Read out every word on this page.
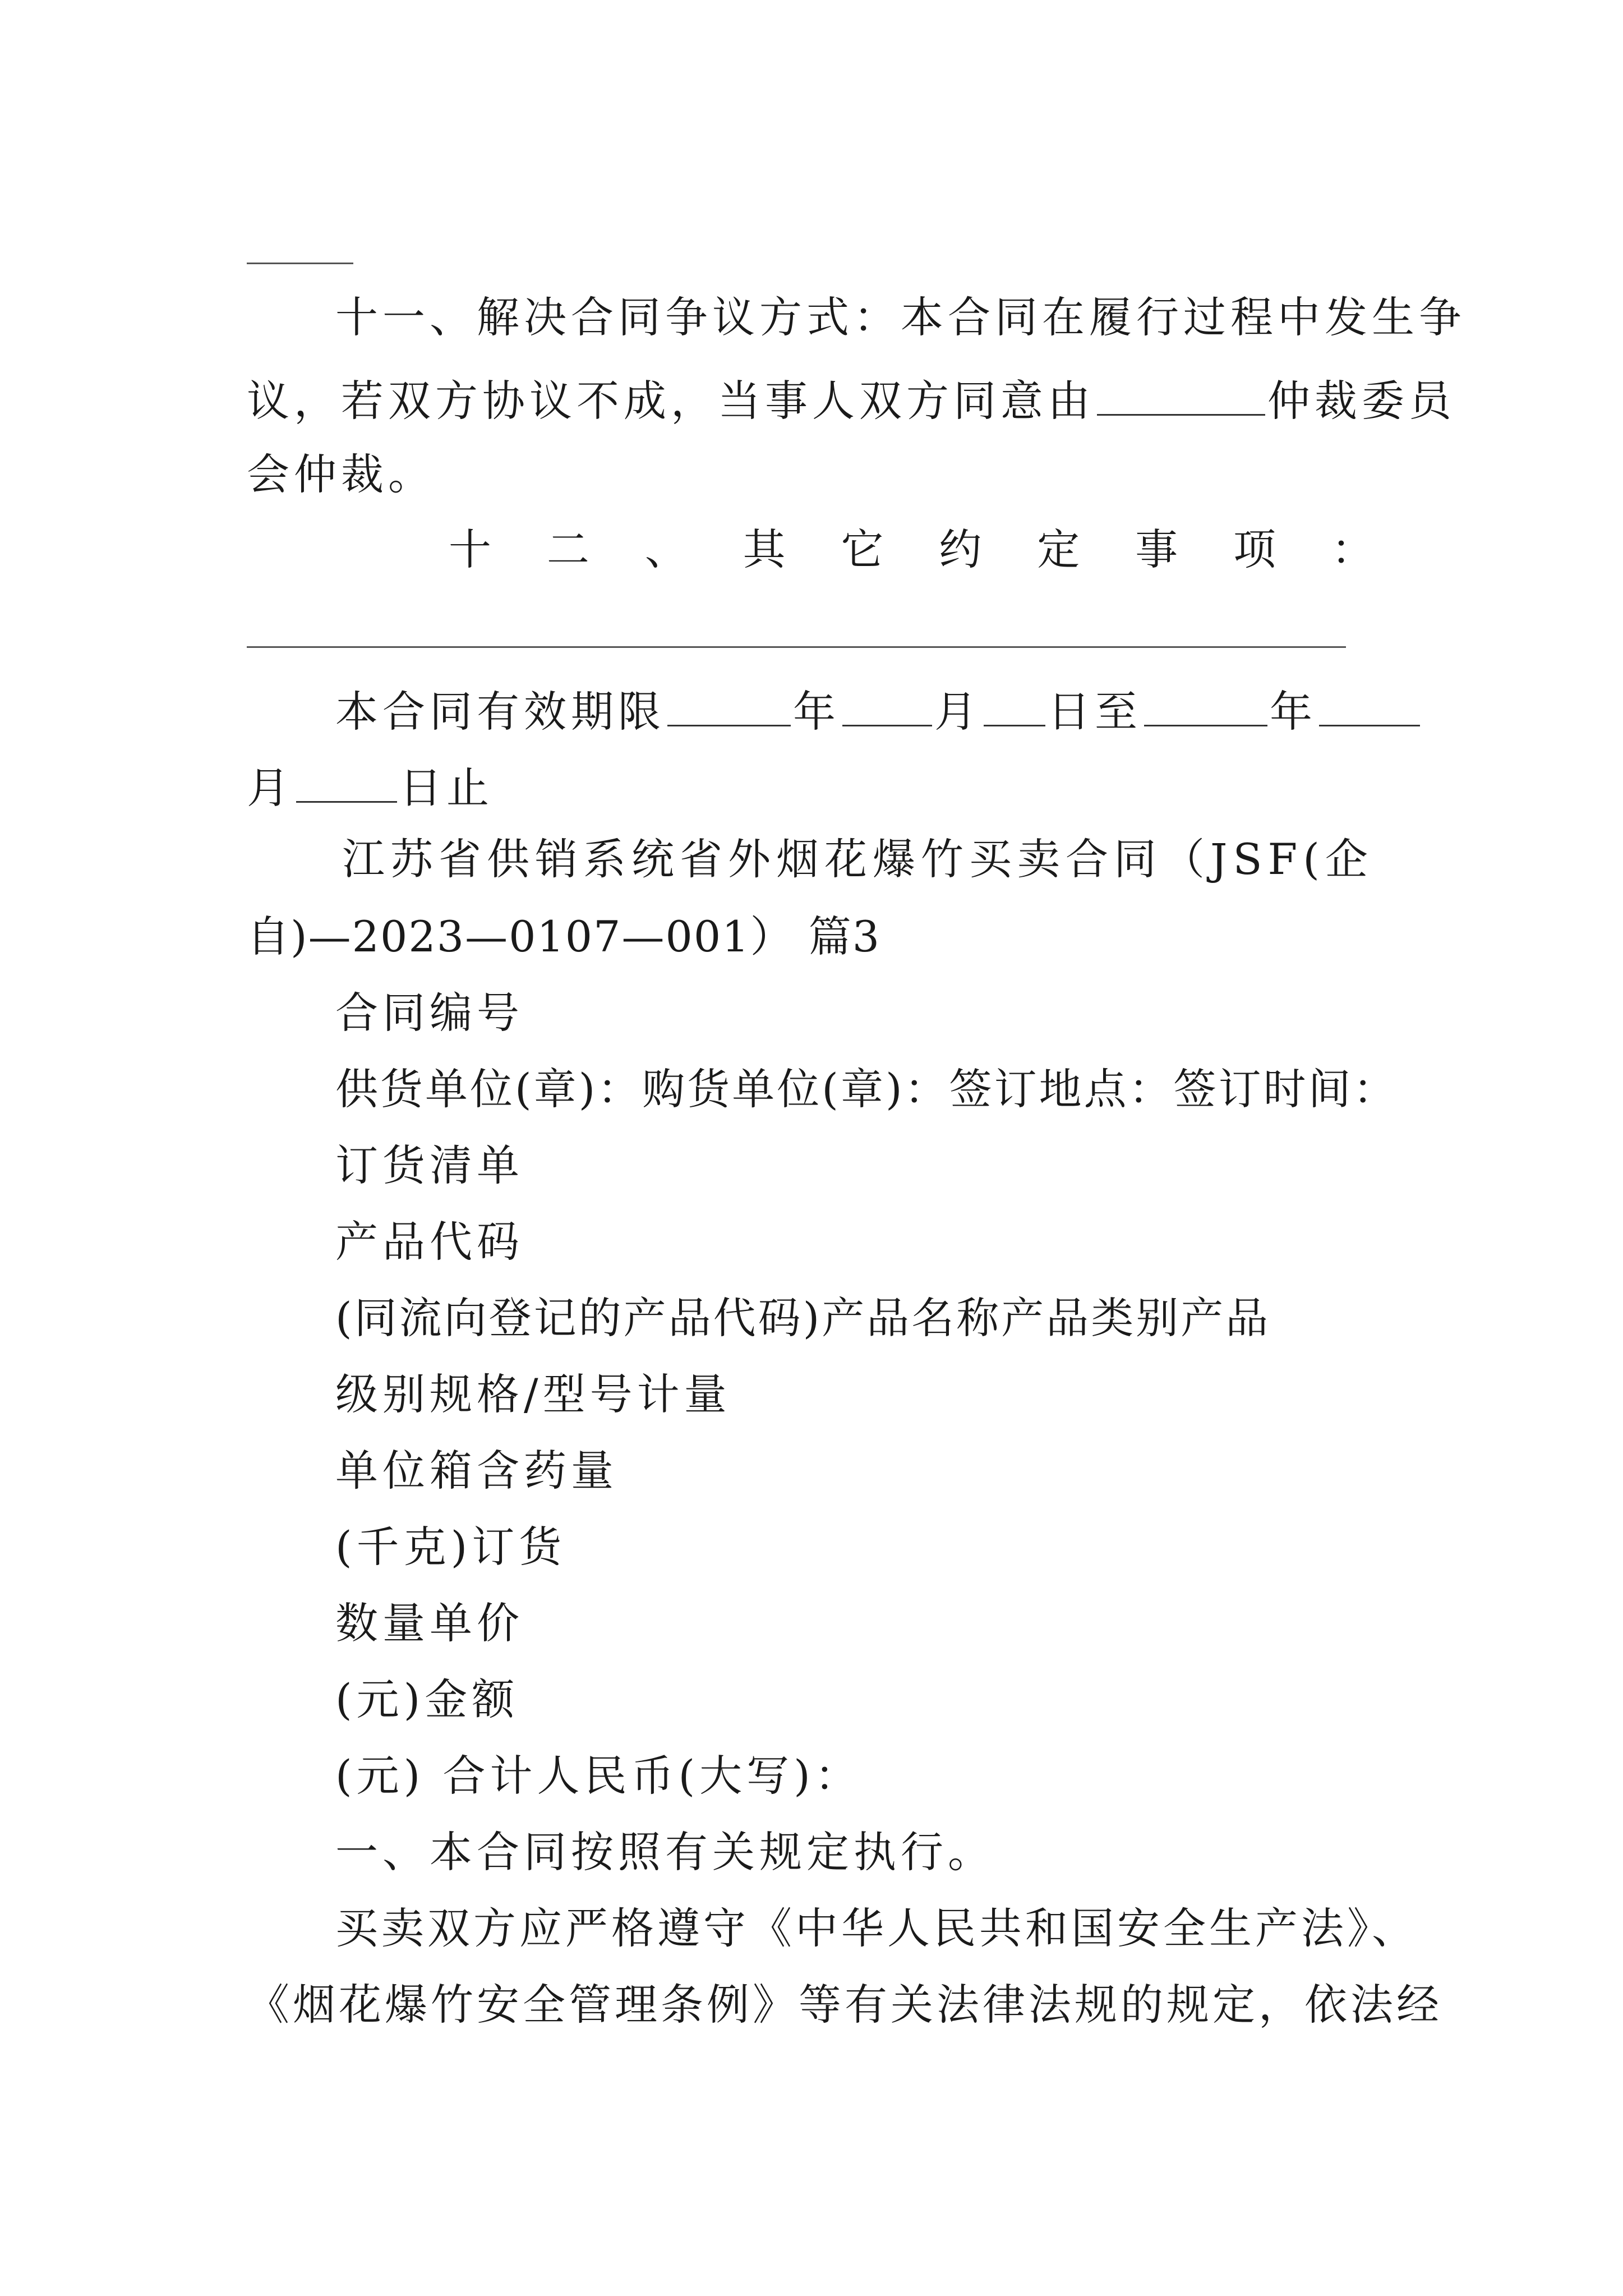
十一、解决合同争议方式：本合同在履行过程中发生争

议，若双方协议不成，当事人双方同意由	仲裁委员

会仲裁。

十 二 、 其 它 约 定 事 项 ：

本合同有效期限	年 月 日至	年

月 日止

江苏省供销系统省外烟花爆竹买卖合同（JSF(企

自)—2023—0107—001） 篇3

合同编号

供货单位(章)：购货单位(章)：签订地点：签订时间：

订货清单

产品代码

(同流向登记的产品代码)产品名称产品类别产品

级别规格/型号计量

单位箱含药量

(千克)订货

数量单价

(元)金额

(元) 合计人民币(大写)：

一、本合同按照有关规定执行。

买卖双方应严格遵守《中华人民共和国安全生产法》、

《烟花爆竹安全管理条例》等有关法律法规的规定，依法经
